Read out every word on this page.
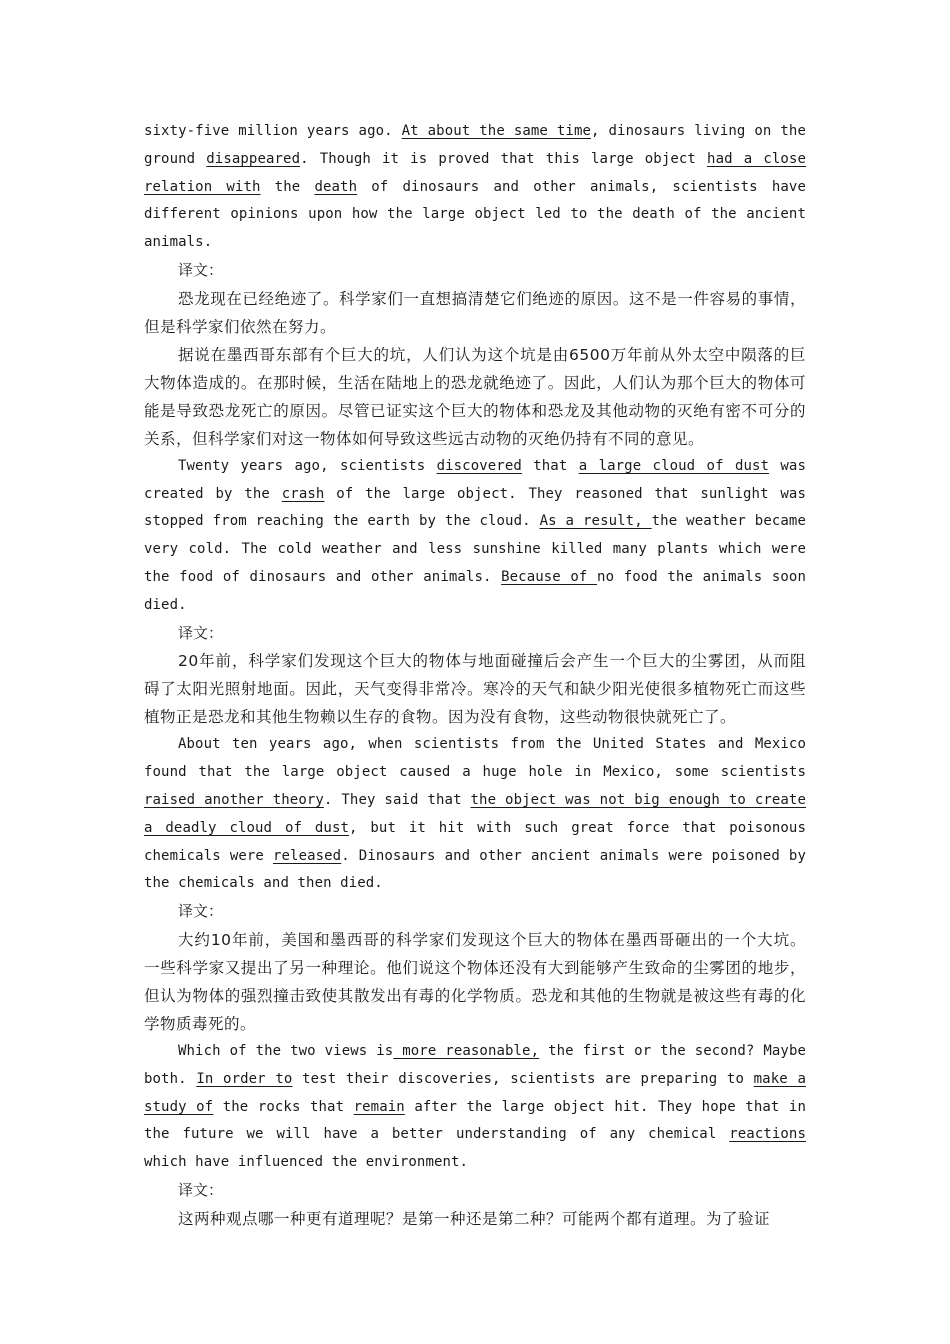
sixty-five million years ago. At about the same time, dinosaurs living on the ground disappeared. Though it is proved that this large object had a close relation with the death of dinosaurs and other animals, scientists have different opinions upon how the large object led to the death of the ancient animals.

译文：

恐龙现在已经绝迹了。科学家们一直想搞清楚它们绝迹的原因。这不是一件容易的事情，但是科学家们依然在努力。

据说在墨西哥东部有个巨大的坑，人们认为这个坑是由6500万年前从外太空中陨落的巨大物体造成的。在那时候，生活在陆地上的恐龙就绝迹了。因此，人们认为那个巨大的物体可能是导致恐龙死亡的原因。尽管已证实这个巨大的物体和恐龙及其他动物的灭绝有密不可分的关系，但科学家们对这一物体如何导致这些远古动物的灭绝仍持有不同的意见。

Twenty years ago, scientists discovered that a large cloud of dust was created by the crash of the large object. They reasoned that sunlight was stopped from reaching the earth by the cloud. As a result, the weather became very cold. The cold weather and less sunshine killed many plants which were the food of dinosaurs and other animals. Because of no food the animals soon died.

译文：

20年前，科学家们发现这个巨大的物体与地面碰撞后会产生一个巨大的尘雾团，从而阻碍了太阳光照射地面。因此，天气变得非常冷。寒冷的天气和缺少阳光使很多植物死亡而这些植物正是恐龙和其他生物赖以生存的食物。因为没有食物，这些动物很快就死亡了。

About ten years ago, when scientists from the United States and Mexico found that the large object caused a huge hole in Mexico, some scientists raised another theory. They said that the object was not big enough to create a deadly cloud of dust, but it hit with such great force that poisonous chemicals were released. Dinosaurs and other ancient animals were poisoned by the chemicals and then died.

译文：

大约10年前，美国和墨西哥的科学家们发现这个巨大的物体在墨西哥砸出的一个大坑。一些科学家又提出了另一种理论。他们说这个物体还没有大到能够产生致命的尘雾团的地步，但认为物体的强烈撞击致使其散发出有毒的化学物质。恐龙和其他的生物就是被这些有毒的化学物质毒死的。

Which of the two views is more reasonable, the first or the second? Maybe both. In order to test their discoveries, scientists are preparing to make a study of the rocks that remain after the large object hit. They hope that in the future we will have a better understanding of any chemical reactions which have influenced the environment.

译文：

这两种观点哪一种更有道理呢？是第一种还是第二种？可能两个都有道理。为了验证
